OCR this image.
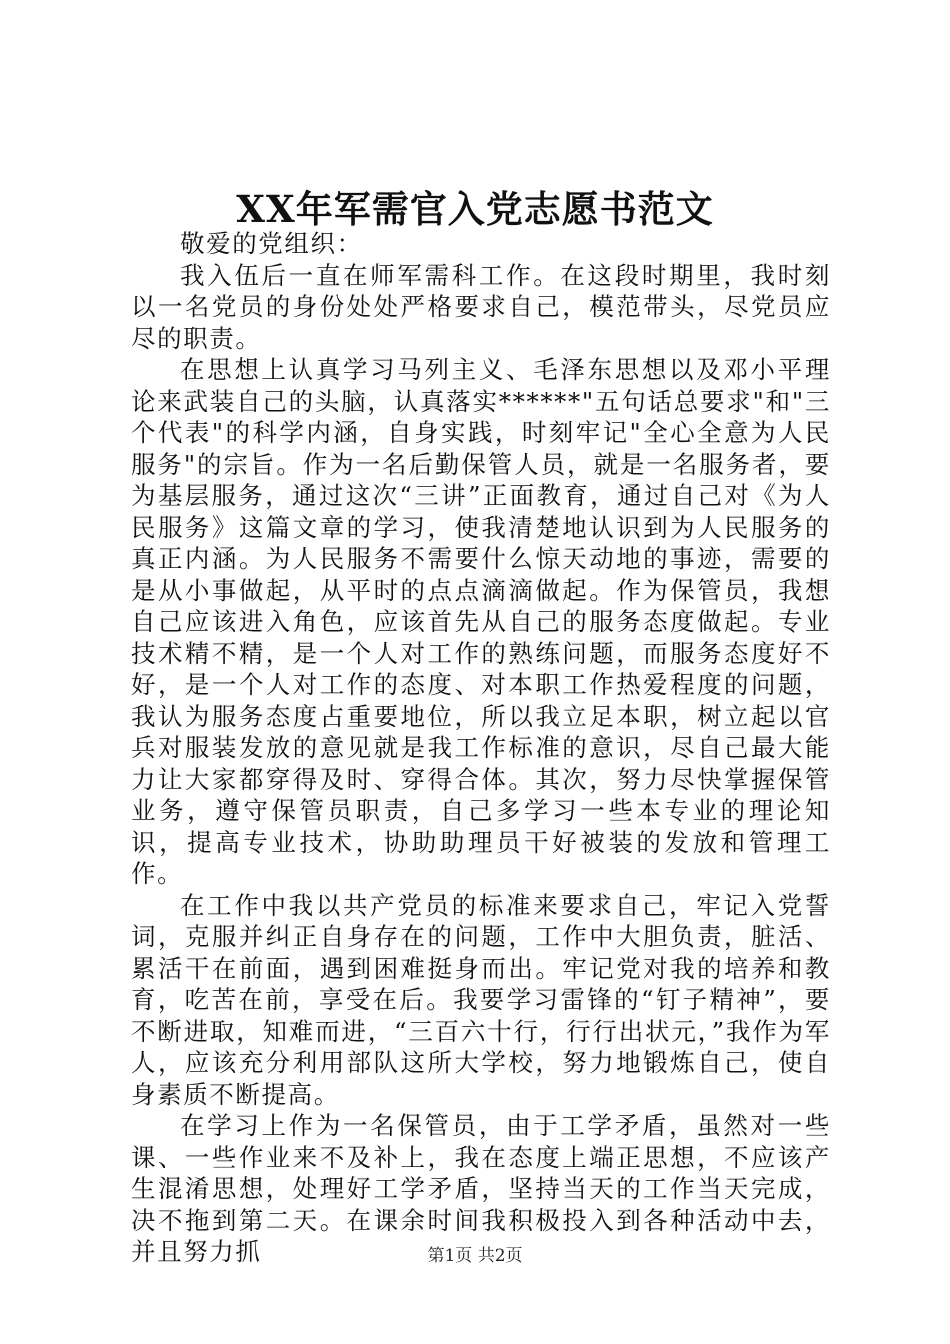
XX年军需官入党志愿书范文

敬爱的党组织：

我入伍后一直在师军需科工作。在这段时期里，我时刻以一名党员的身份处处严格要求自己，模范带头，尽党员应尽的职责。

在思想上认真学习马列主义、毛泽东思想以及邓小平理论来武装自己的头脑，认真落实******"五句话总要求"和"三个代表"的科学内涵，自身实践，时刻牢记"全心全意为人民服务"的宗旨。作为一名后勤保管人员，就是一名服务者，要为基层服务，通过这次“三讲”正面教育，通过自己对《为人民服务》这篇文章的学习，使我清楚地认识到为人民服务的真正内涵。为人民服务不需要什么惊天动地的事迹，需要的是从小事做起，从平时的点点滴滴做起。作为保管员，我想自己应该进入角色，应该首先从自己的服务态度做起。专业技术精不精，是一个人对工作的熟练问题，而服务态度好不好，是一个人对工作的态度、对本职工作热爱程度的问题，我认为服务态度占重要地位，所以我立足本职，树立起以官兵对服装发放的意见就是我工作标准的意识，尽自己最大能力让大家都穿得及时、穿得合体。其次，努力尽快掌握保管业务，遵守保管员职责，自己多学习一些本专业的理论知识，提高专业技术，协助助理员干好被装的发放和管理工作。

在工作中我以共产党员的标准来要求自己，牢记入党誓词，克服并纠正自身存在的问题，工作中大胆负责，脏活、累活干在前面，遇到困难挺身而出。牢记党对我的培养和教育，吃苦在前，享受在后。我要学习雷锋的“钉子精神”，要不断进取，知难而进，“三百六十行，行行出状元，”我作为军人，应该充分利用部队这所大学校，努力地锻炼自己，使自身素质不断提高。

在学习上作为一名保管员，由于工学矛盾，虽然对一些课、一些作业来不及补上，我在态度上端正思想，不应该产生混淆思想，处理好工学矛盾，坚持当天的工作当天完成，决不拖到第二天。在课余时间我积极投入到各种活动中去，并且努力抓	第1页 共2页
